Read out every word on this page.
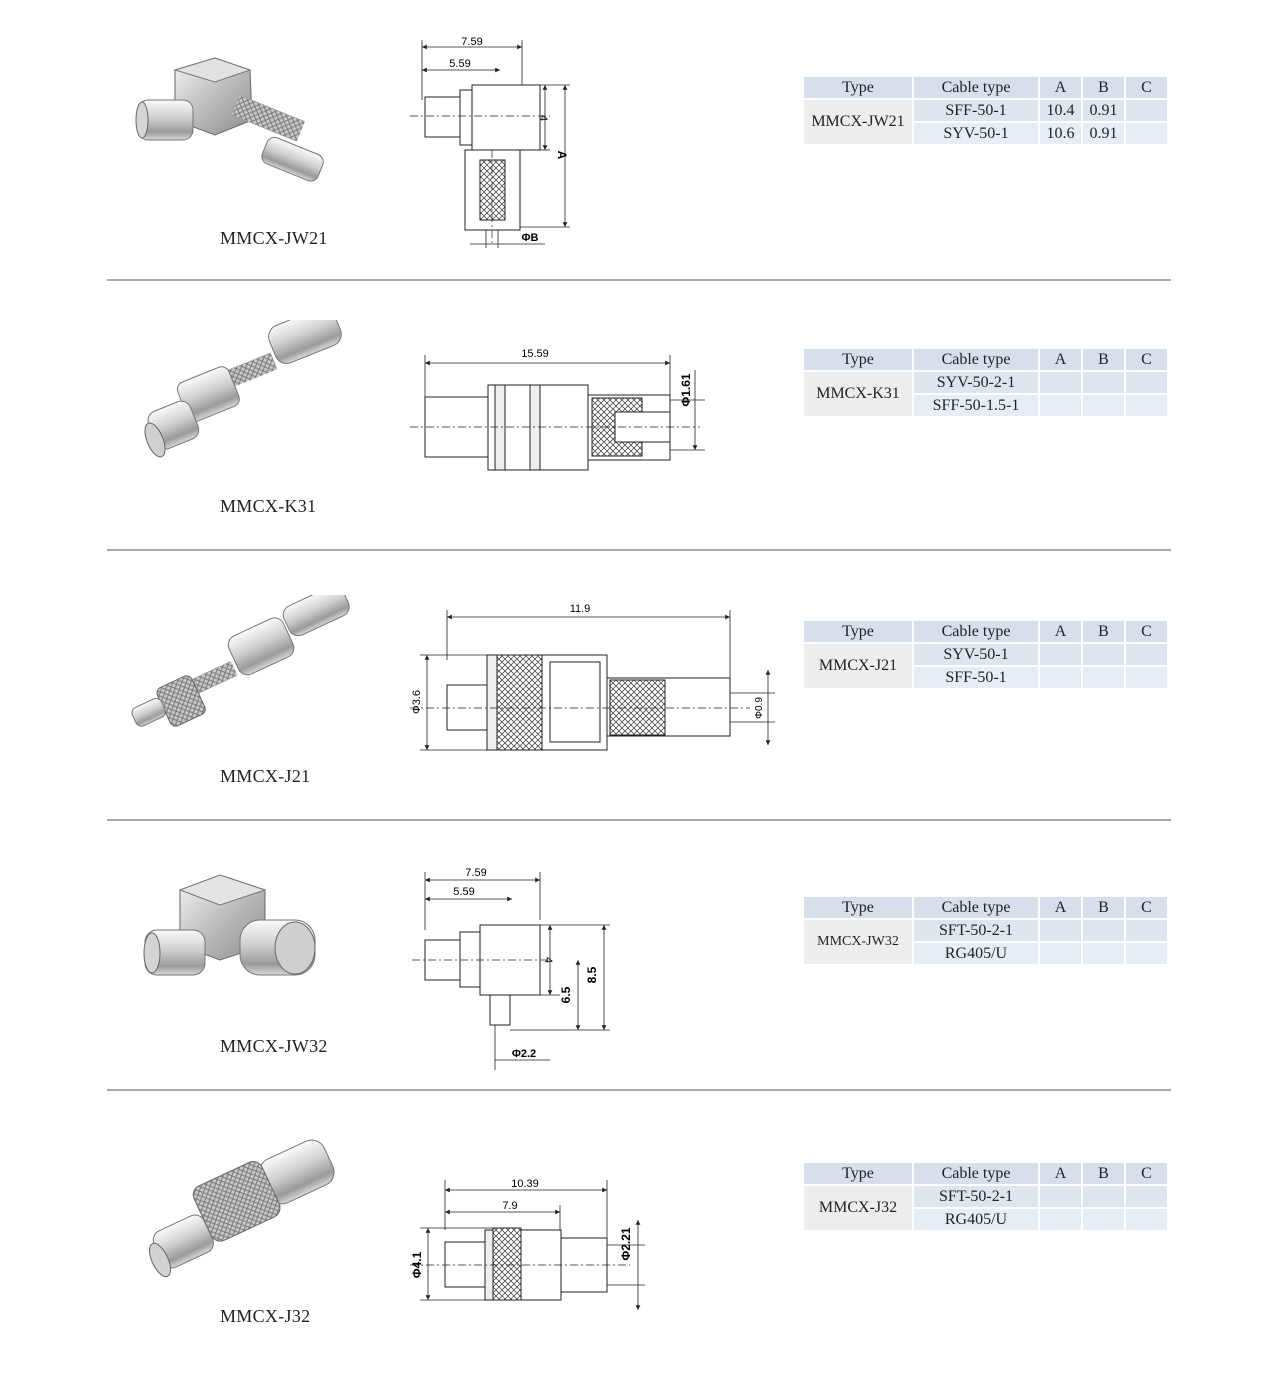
MMCX-JW21
7.59
5.59
4
A
ΦB
Type	Cable type	A	B	C
MMCX-JW21	SFF-50-1	10.4	0.91	
	SYV-50-1	10.6	0.91	
MMCX-K31
15.59
Φ1.61
Type	Cable type	A	B	C
MMCX-K31	SYV-50-2-1			
	SFF-50-1.5-1			
MMCX-J21
11.9
Φ3.6	Φ0.9
Type	Cable type	A	B	C
MMCX-J21	SYV-50-1			
	SFF-50-1			
MMCX-JW32
7.59
5.59
4
6.5
8.5
Φ2.2
Type	Cable type	A	B	C
MMCX-JW32	SFT-50-2-1			
	RG405/U			
MMCX-J32
10.39
7.9
Φ4.1
Φ2.21
Type	Cable type	A	B	C
MMCX-J32	SFT-50-2-1			
	RG405/U			
